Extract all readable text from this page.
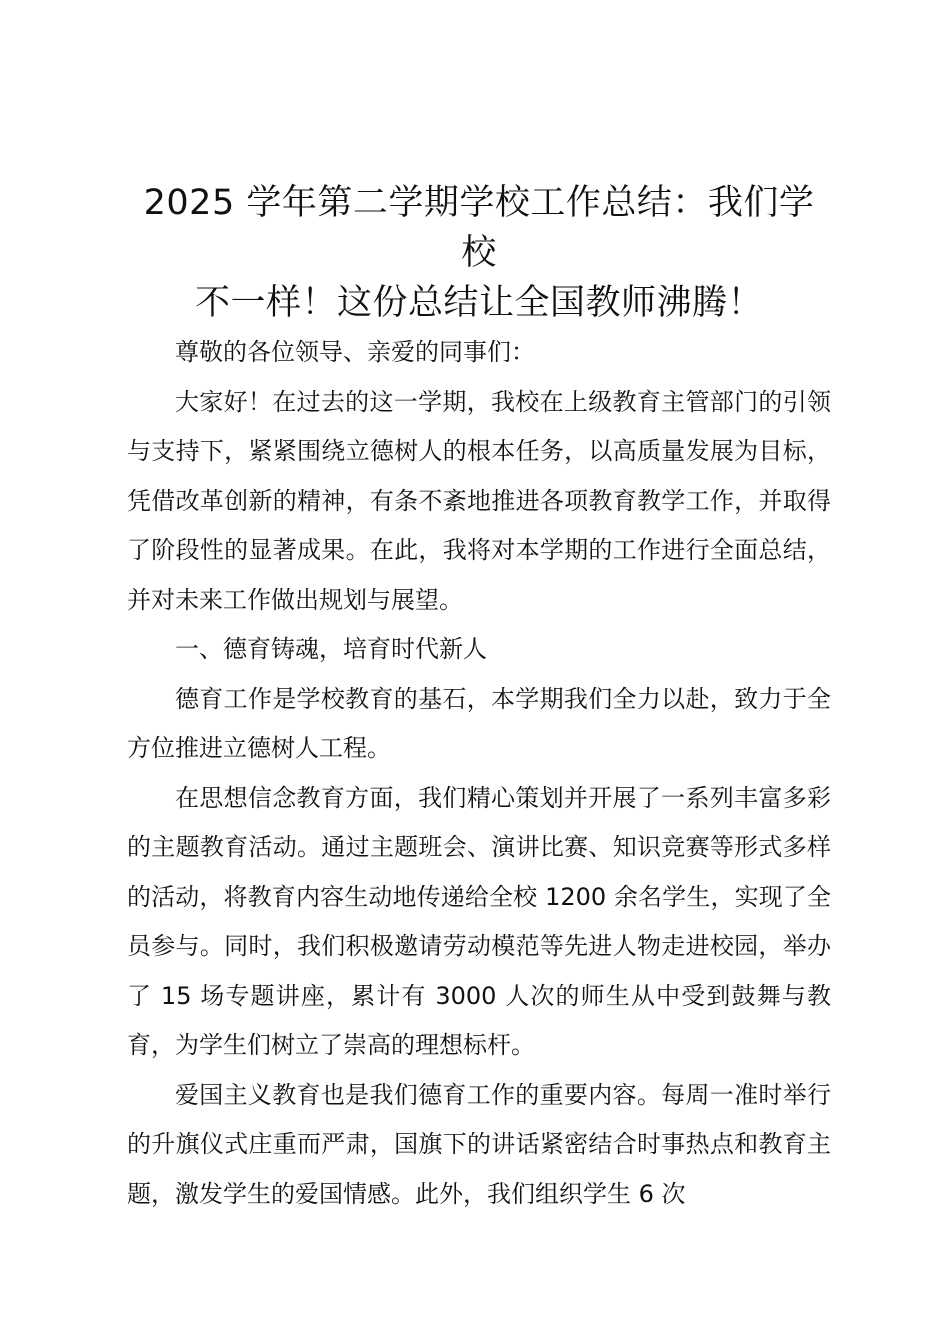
2025 学年第二学期学校工作总结：我们学校
不一样！这份总结让全国教师沸腾！

尊敬的各位领导、亲爱的同事们：

大家好！在过去的这一学期，我校在上级教育主管部门的引领与支持下，紧紧围绕立德树人的根本任务，以高质量发展为目标，凭借改革创新的精神，有条不紊地推进各项教育教学工作，并取得了阶段性的显著成果。在此，我将对本学期的工作进行全面总结，并对未来工作做出规划与展望。

一、德育铸魂，培育时代新人

德育工作是学校教育的基石，本学期我们全力以赴，致力于全方位推进立德树人工程。

在思想信念教育方面，我们精心策划并开展了一系列丰富多彩的主题教育活动。通过主题班会、演讲比赛、知识竞赛等形式多样的活动，将教育内容生动地传递给全校 1200 余名学生，实现了全员参与。同时，我们积极邀请劳动模范等先进人物走进校园，举办了 15 场专题讲座，累计有 3000 人次的师生从中受到鼓舞与教育，为学生们树立了崇高的理想标杆。

爱国主义教育也是我们德育工作的重要内容。每周一准时举行的升旗仪式庄重而严肃，国旗下的讲话紧密结合时事热点和教育主题，激发学生的爱国情感。此外，我们组织学生 6 次
